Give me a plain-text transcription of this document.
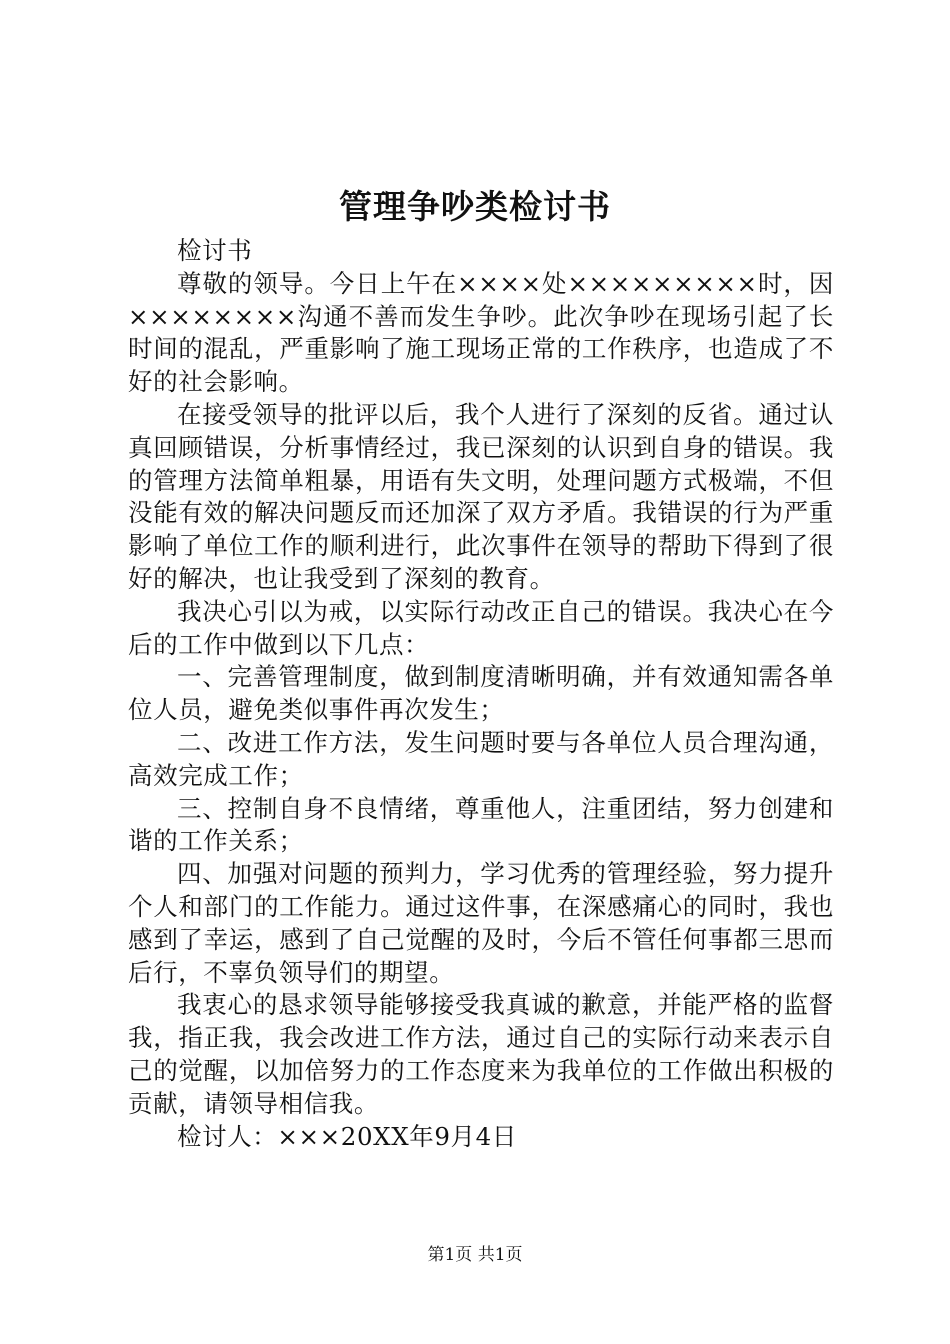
管理争吵类检讨书

检讨书

尊敬的领导。今日上午在××××处×××××××××时，因××××××××沟通不善而发生争吵。此次争吵在现场引起了长时间的混乱，严重影响了施工现场正常的工作秩序，也造成了不好的社会影响。

在接受领导的批评以后，我个人进行了深刻的反省。通过认真回顾错误，分析事情经过，我已深刻的认识到自身的错误。我的管理方法简单粗暴，用语有失文明，处理问题方式极端，不但没能有效的解决问题反而还加深了双方矛盾。我错误的行为严重影响了单位工作的顺利进行，此次事件在领导的帮助下得到了很好的解决，也让我受到了深刻的教育。

我决心引以为戒，以实际行动改正自己的错误。我决心在今后的工作中做到以下几点：

一、完善管理制度，做到制度清晰明确，并有效通知需各单位人员，避免类似事件再次发生；

二、改进工作方法，发生问题时要与各单位人员合理沟通，高效完成工作；

三、控制自身不良情绪，尊重他人，注重团结，努力创建和谐的工作关系；

四、加强对问题的预判力，学习优秀的管理经验，努力提升个人和部门的工作能力。通过这件事，在深感痛心的同时，我也感到了幸运，感到了自己觉醒的及时，今后不管任何事都三思而后行，不辜负领导们的期望。

我衷心的恳求领导能够接受我真诚的歉意，并能严格的监督我，指正我，我会改进工作方法，通过自己的实际行动来表示自己的觉醒，以加倍努力的工作态度来为我单位的工作做出积极的贡献，请领导相信我。

检讨人：×××20XX年9月4日

第1页 共1页
